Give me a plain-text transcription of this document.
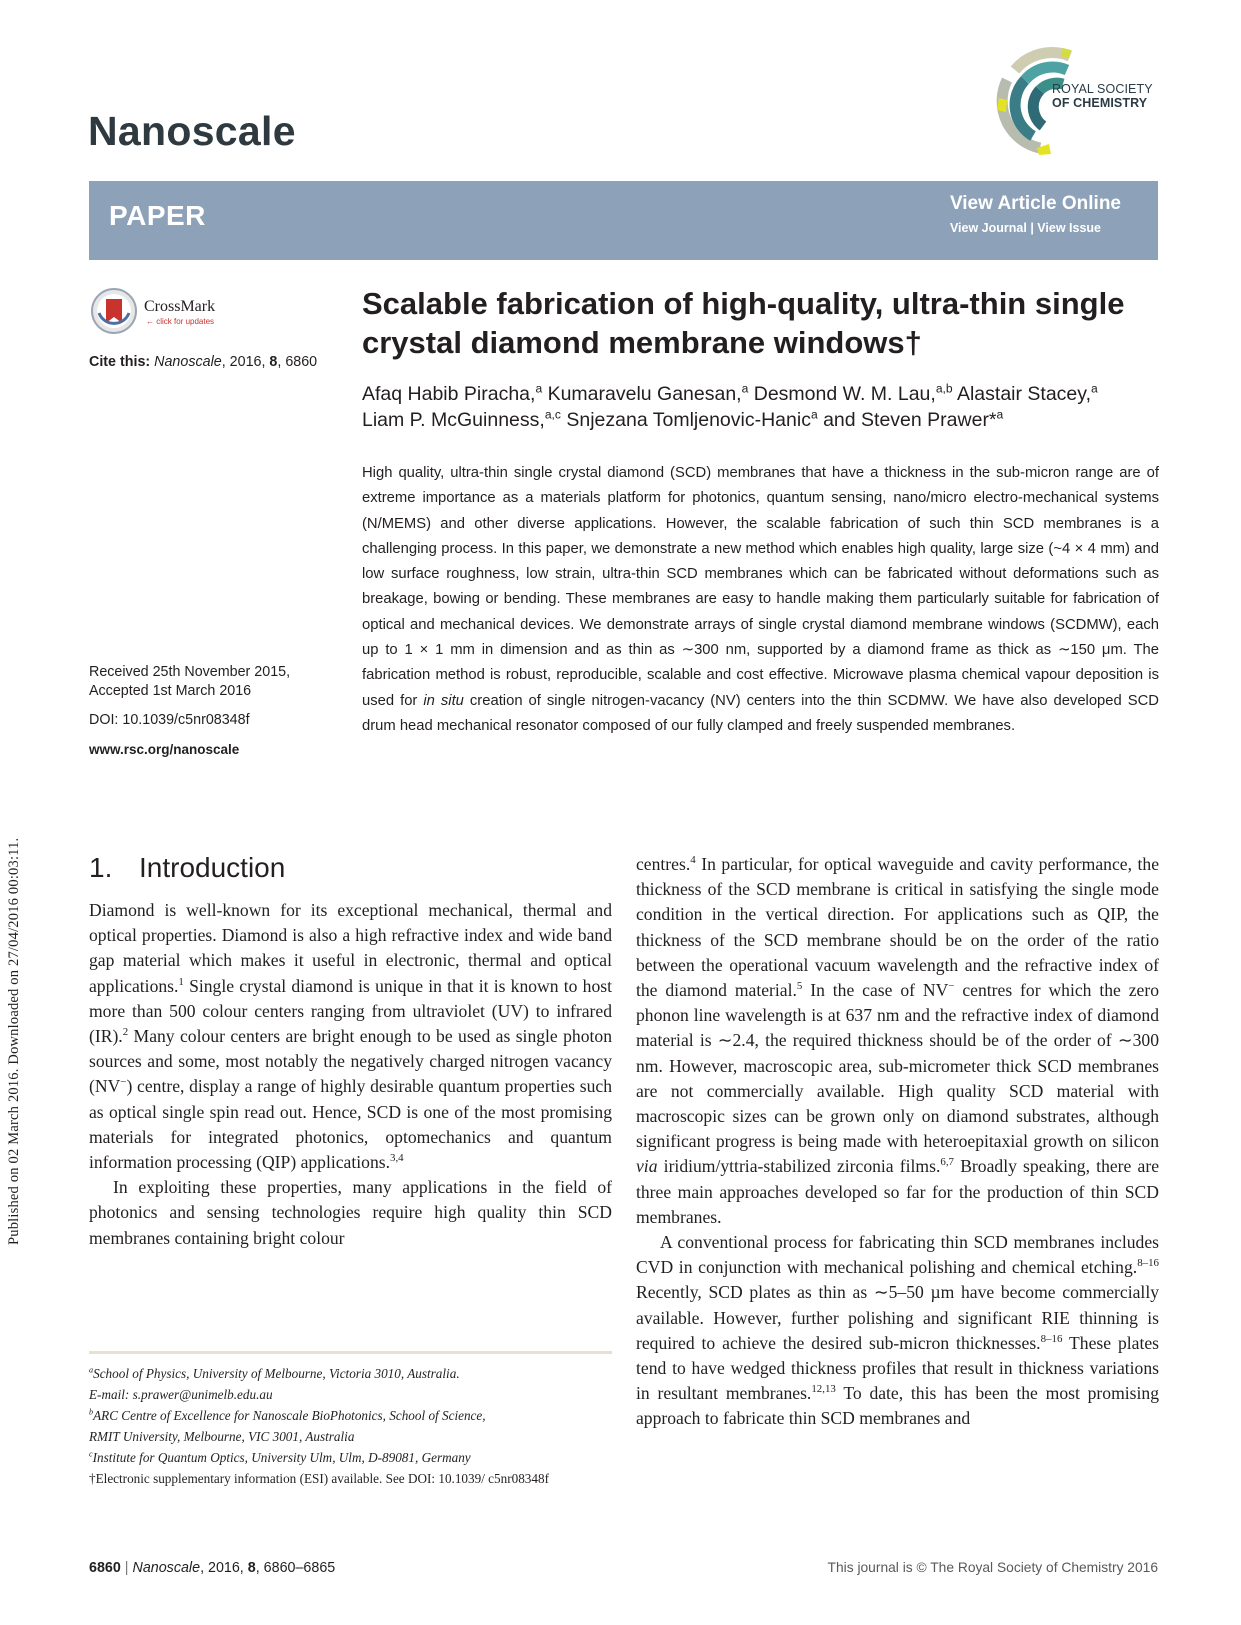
Published on 02 March 2016. Downloaded on 27/04/2016 00:03:11.
Nanoscale
ROYAL SOCIETY
OF CHEMISTRY
PAPER	View Article Online
View Journal | View Issue
CrossMark
← click for updates
Cite this: Nanoscale, 2016, 8, 6860
Scalable fabrication of high-quality, ultra-thin single crystal diamond membrane windows†
Afaq Habib Piracha,$^a$ Kumaravelu Ganesan,$^a$ Desmond W. M. Lau,$^{a,b}$ Alastair Stacey,$^a$
Liam P. McGuinness,$^{a,c}$ Snjezana Tomljenovic-Hanic$^a$ and Steven Prawer*$^a$

High quality, ultra-thin single crystal diamond (SCD) membranes that have a thickness in the sub-micron range are of extreme importance as a materials platform for photonics, quantum sensing, nano/micro electro-mechanical systems (N/MEMS) and other diverse applications. However, the scalable fabrication of such thin SCD membranes is a challenging process. In this paper, we demonstrate a new method which enables high quality, large size (~4 × 4 mm) and low surface roughness, low strain, ultra-thin SCD membranes which can be fabricated without deformations such as breakage, bowing or bending. These membranes are easy to handle making them particularly suitable for fabrication of optical and mechanical devices. We demonstrate arrays of single crystal diamond membrane windows (SCDMW), each up to 1 × 1 mm in dimension and as thin as ∼300 nm, supported by a diamond frame as thick as ∼150 μm. The fabrication method is robust, reproducible, scalable and cost effective. Microwave plasma chemical vapour deposition is used for in situ creation of single nitrogen-vacancy (NV) centers into the thin SCDMW. We have also developed SCD drum head mechanical resonator composed of our fully clamped and freely suspended membranes.

Received 25th November 2015,
Accepted 1st March 2016
DOI: 10.1039/c5nr08348f
www.rsc.org/nanoscale
1. Introduction

Diamond is well-known for its exceptional mechanical, thermal and optical properties. Diamond is also a high refractive index and wide band gap material which makes it useful in electronic, thermal and optical applications.$^1$ Single crystal diamond is unique in that it is known to host more than 500 colour centers ranging from ultraviolet (UV) to infrared (IR).$^2$ Many colour centers are bright enough to be used as single photon sources and some, most notably the negatively charged nitrogen vacancy (NV−) centre, display a range of highly desirable quantum properties such as optical single spin read out. Hence, SCD is one of the most promising materials for integrated photonics, optomechanics and quantum information processing (QIP) applications.$^{3,4}$

In exploiting these properties, many applications in the field of photonics and sensing technologies require high quality thin SCD membranes containing bright colour

centres.$^4$ In particular, for optical waveguide and cavity performance, the thickness of the SCD membrane is critical in satisfying the single mode condition in the vertical direction. For applications such as QIP, the thickness of the SCD membrane should be on the order of the ratio between the operational vacuum wavelength and the refractive index of the diamond material.$^5$ In the case of NV− centres for which the zero phonon line wavelength is at 637 nm and the refractive index of diamond material is ∼2.4, the required thickness should be of the order of ∼300 nm. However, macroscopic area, sub-micrometer thick SCD membranes are not commercially available. High quality SCD material with macroscopic sizes can be grown only on diamond substrates, although significant progress is being made with heteroepitaxial growth on silicon via iridium/yttria-stabilized zirconia films.$^{6,7}$ Broadly speaking, there are three main approaches developed so far for the production of thin SCD membranes.

A conventional process for fabricating thin SCD membranes includes CVD in conjunction with mechanical polishing and chemical etching.$^{8-16}$ Recently, SCD plates as thin as ∼5–50 µm have become commercially available. However, further polishing and significant RIE thinning is required to achieve the desired sub-micron thicknesses.$^{8-16}$ These plates tend to have wedged thickness profiles that result in thickness variations in resultant membranes.$^{12,13}$ To date, this has been the most promising approach to fabricate thin SCD membranes and

$^a$School of Physics, University of Melbourne, Victoria 3010, Australia.
E-mail: s.prawer@unimelb.edu.au
$^b$ARC Centre of Excellence for Nanoscale BioPhotonics, School of Science,
RMIT University, Melbourne, VIC 3001, Australia
$^c$Institute for Quantum Optics, University Ulm, Ulm, D-89081, Germany
†Electronic supplementary information (ESI) available. See DOI: 10.1039/ c5nr08348f
6860 | Nanoscale, 2016, 8, 6860–6865	This journal is © The Royal Society of Chemistry 2016
